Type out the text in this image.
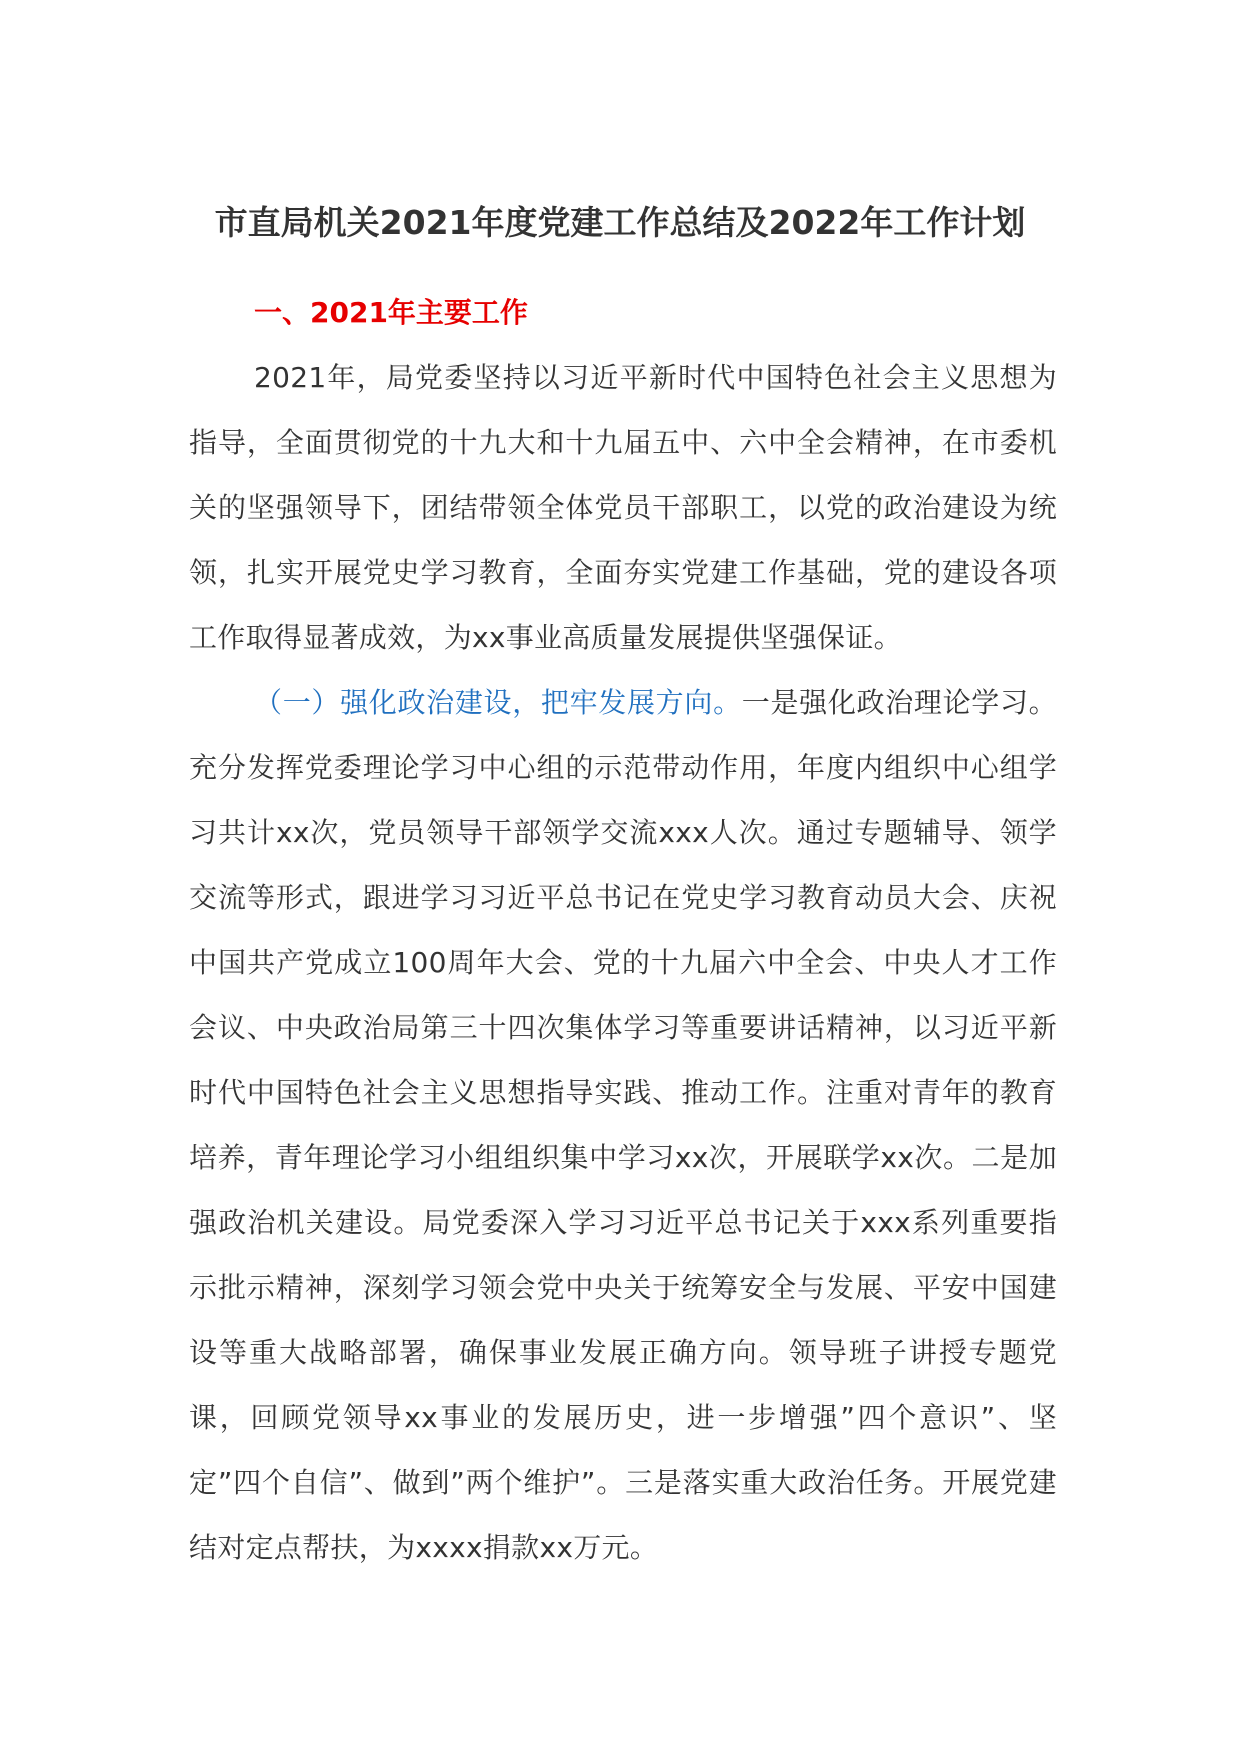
市直局机关2021年度党建工作总结及2022年工作计划
一、2021年主要工作

2021年，局党委坚持以习近平新时代中国特色社会主义思想为指导，全面贯彻党的十九大和十九届五中、六中全会精神，在市委机关的坚强领导下，团结带领全体党员干部职工，以党的政治建设为统领，扎实开展党史学习教育，全面夯实党建工作基础，党的建设各项工作取得显著成效，为xx事业高质量发展提供坚强保证。

（一）强化政治建设，把牢发展方向。一是强化政治理论学习。充分发挥党委理论学习中心组的示范带动作用，年度内组织中心组学习共计xx次，党员领导干部领学交流xxx人次。通过专题辅导、领学交流等形式，跟进学习习近平总书记在党史学习教育动员大会、庆祝中国共产党成立100周年大会、党的十九届六中全会、中央人才工作会议、中央政治局第三十四次集体学习等重要讲话精神，以习近平新时代中国特色社会主义思想指导实践、推动工作。注重对青年的教育培养，青年理论学习小组组织集中学习xx次，开展联学xx次。二是加强政治机关建设。局党委深入学习习近平总书记关于xxx系列重要指示批示精神，深刻学习领会党中央关于统筹安全与发展、平安中国建设等重大战略部署，确保事业发展正确方向。领导班子讲授专题党课，回顾党领导xx事业的发展历史，进一步增强”四个意识”、坚定”四个自信”、做到”两个维护”。三是落实重大政治任务。开展党建结对定点帮扶，为xxxx捐款xx万元。
